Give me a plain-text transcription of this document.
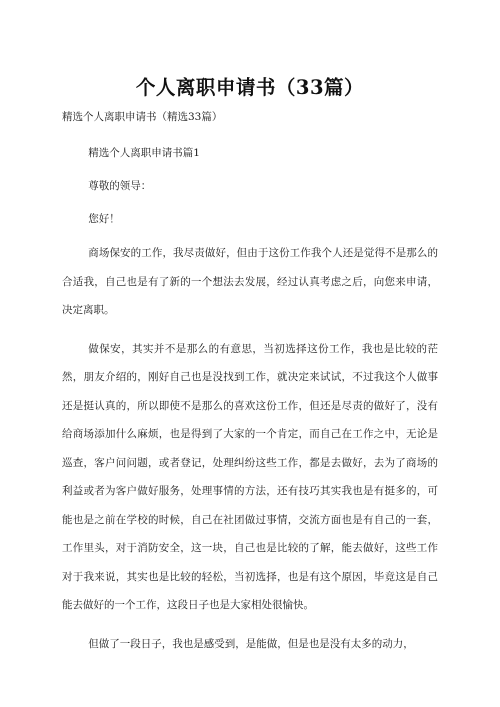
个人离职申请书（33篇）
精选个人离职申请书（精选33篇）

精选个人离职申请书篇1

尊敬的领导：

您好！

商场保安的工作，我尽责做好，但由于这份工作我个人还是觉得不是那么的合适我，自己也是有了新的一个想法去发展，经过认真考虑之后，向您来申请，决定离职。

做保安，其实并不是那么的有意思，当初选择这份工作，我也是比较的茫然，朋友介绍的，刚好自己也是没找到工作，就决定来试试，不过我这个人做事还是挺认真的，所以即使不是那么的喜欢这份工作，但还是尽责的做好了，没有给商场添加什么麻烦，也是得到了大家的一个肯定，而自己在工作之中，无论是巡查，客户问问题，或者登记，处理纠纷这些工作，都是去做好，去为了商场的利益或者为客户做好服务，处理事情的方法，还有技巧其实我也是有挺多的，可能也是之前在学校的时候，自己在社团做过事情，交流方面也是有自己的一套，工作里头，对于消防安全，这一块，自己也是比较的了解，能去做好，这些工作对于我来说，其实也是比较的轻松，当初选择，也是有这个原因，毕竟这是自己能去做好的一个工作，这段日子也是大家相处很愉快。

但做了一段日子，我也是感受到，是能做，但是也是没有太多的动力，
